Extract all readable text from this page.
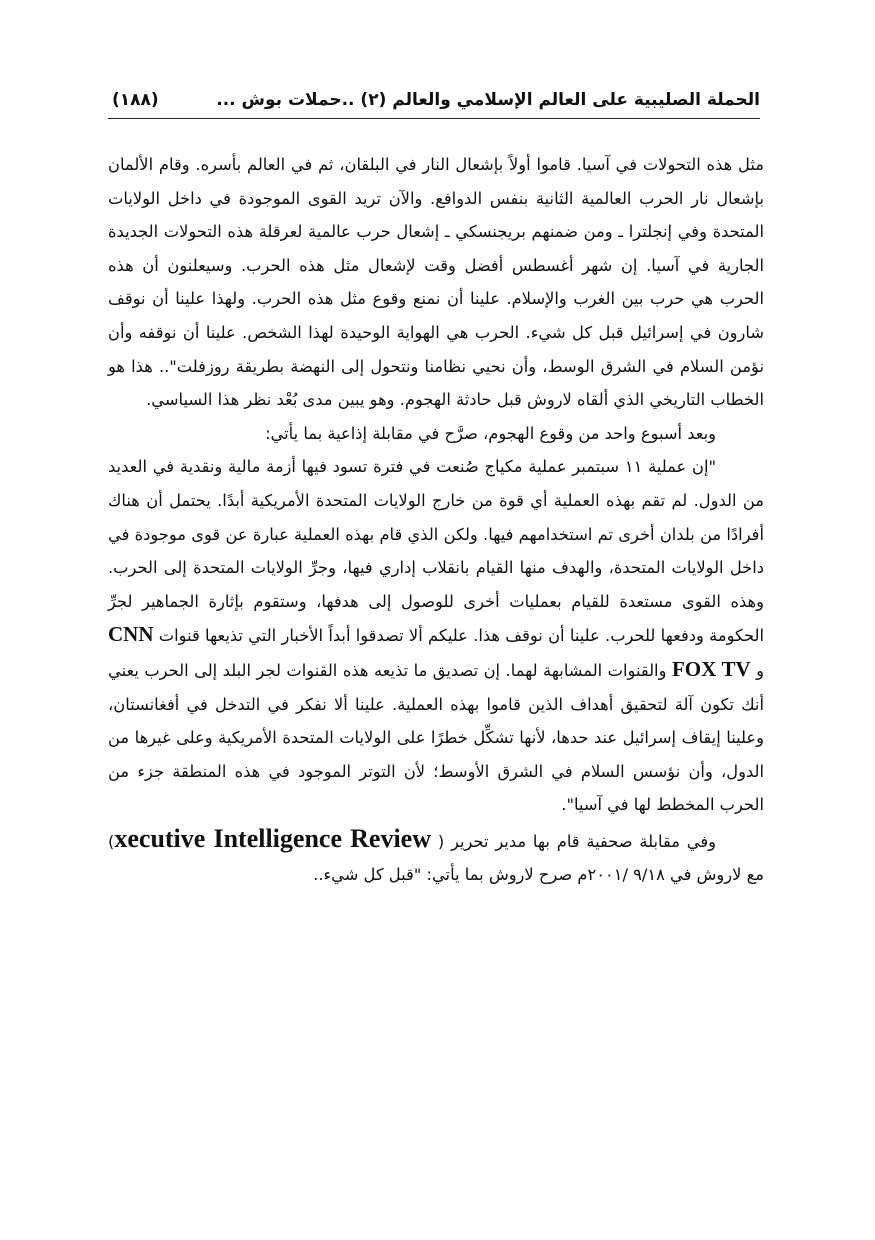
الحملة الصليبية على العالم الإسلامي والعالم (٢) ..حملات بوش ...
(١٨٨)

مثل هذه التحولات في آسيا. قاموا أولاً بإشعال النار في البلقان، ثم في العالم بأسره. وقام الألمان بإشعال نار الحرب العالمية الثانية بنفس الدوافع. والآن تريد القوى الموجودة في داخل الولايات المتحدة وفي إنجلترا ـ ومن ضمنهم بريجنسكي ـ إشعال حرب عالمية لعرقلة هذه التحولات الجديدة الجارية في آسيا. إن شهر أغسطس أفضل وقت لإشعال مثل هذه الحرب. وسيعلنون أن هذه الحرب هي حرب بين الغرب والإسلام. علينا أن نمنع وقوع مثل هذه الحرب. ولهذا علينا أن نوقف شارون في إسرائيل قبل كل شيء. الحرب هي الهواية الوحيدة لهذا الشخص. علينا أن نوقفه وأن نؤمن السلام في الشرق الوسط، وأن نحيي نظامنا ونتحول إلى النهضة بطريقة روزفلت".. هذا هو الخطاب التاريخي الذي ألقاه لاروش قبل حادثة الهجوم. وهو يبين مدى بُعْد نظر هذا السياسي.

وبعد أسبوع واحد من وقوع الهجوم، صرَّح في مقابلة إذاعية بما يأتي:

"إن عملية ١١ سبتمبر عملية مكياج صُنعت في فترة تسود فيها أزمة مالية ونقدية في العديد من الدول. لم تقم بهذه العملية أي قوة من خارج الولايات المتحدة الأمريكية أبدًا. يحتمل أن هناك أفرادًا من بلدان أخرى تم استخدامهم فيها. ولكن الذي قام بهذه العملية عبارة عن قوى موجودة في داخل الولايات المتحدة، والهدف منها القيام بانقلاب إداري فيها، وجرِّ الولايات المتحدة إلى الحرب. وهذه القوى مستعدة للقيام بعمليات أخرى للوصول إلى هدفها، وستقوم بإثارة الجماهير لجرِّ الحكومة ودفعها للحرب. علينا أن نوقف هذا. عليكم ألا تصدقوا أبداً الأخبار التي تذيعها قنوات CNN و FOX TV والقنوات المشابهة لهما. إن تصديق ما تذيعه هذه القنوات لجر البلد إلى الحرب يعني أنك تكون آلة لتحقيق أهداف الذين قاموا بهذه العملية. علينا ألا نفكر في التدخل في أفغانستان، وعلينا إيقاف إسرائيل عند حدها، لأنها تشكِّل خطرًا على الولايات المتحدة الأمريكية وعلى غيرها من الدول، وأن نؤسس السلام في الشرق الأوسط؛ لأن التوتر الموجود في هذه المنطقة جزء من الحرب المخطط لها في آسيا".

وفي مقابلة صحفية قام بها مدير تحرير ( xecutive Intelligence Review) مع لاروش في ٩/١٨ /٢٠٠١م صرح لاروش بما يأتي: "قبل كل شيء..
